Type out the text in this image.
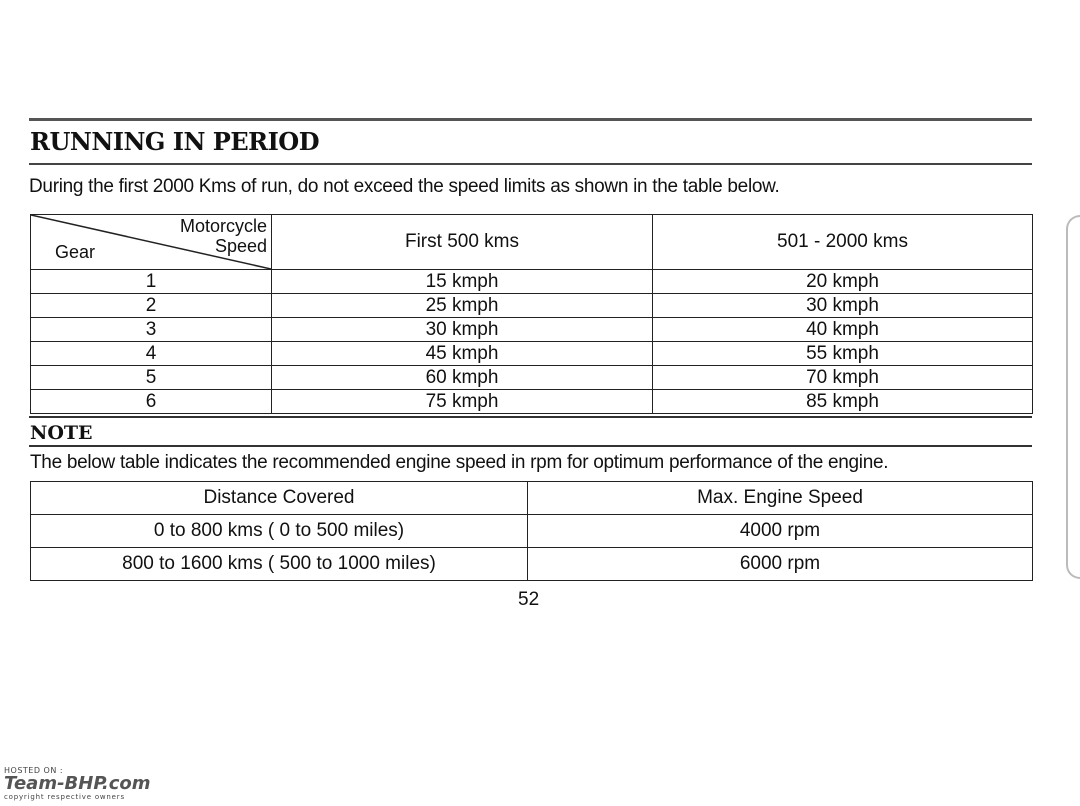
RUNNING IN PERIOD
During the first 2000 Kms of run, do not exceed the speed limits as shown in the table below.
Motorcycle
Speed
Gear	First 500 kms	501 - 2000 kms
1	15 kmph	20 kmph
2	25 kmph	30 kmph
3	30 kmph	40 kmph
4	45 kmph	55 kmph
5	60 kmph	70 kmph
6	75 kmph	85 kmph
NOTE
The below table indicates the recommended engine speed in rpm for optimum performance of the engine.
Distance Covered	Max. Engine Speed
0 to 800 kms ( 0 to 500 miles)	4000 rpm
800 to 1600 kms ( 500 to 1000 miles)	6000 rpm
52
HOSTED ON :
Team-BHP.com
copyright respective owners
